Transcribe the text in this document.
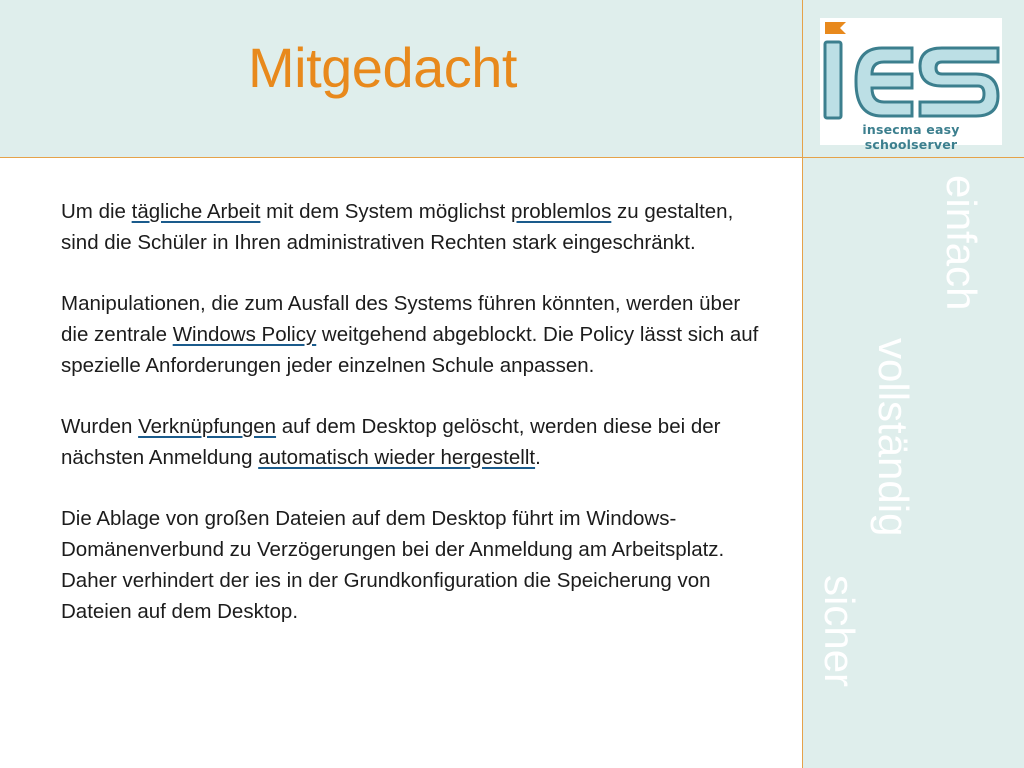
Mitgedacht
insecma easy schoolserver
einfach
vollständig
sicher

Um die tägliche Arbeit mit dem System möglichst problemlos zu gestalten, sind die Schüler in Ihren administrativen Rechten stark eingeschränkt.

Manipulationen, die zum Ausfall des Systems führen könnten, werden über die zentrale Windows Policy weitgehend abgeblockt. Die Policy lässt sich auf spezielle Anforderungen jeder einzelnen Schule anpassen.

Wurden Verknüpfungen auf dem Desktop gelöscht, werden diese bei der nächsten Anmeldung automatisch wieder hergestellt.

Die Ablage von großen Dateien auf dem Desktop führt im Windows-Domänenverbund zu Verzögerungen bei der Anmeldung am Arbeitsplatz. Daher verhindert der ies in der Grundkonfiguration die Speicherung von Dateien auf dem Desktop.
